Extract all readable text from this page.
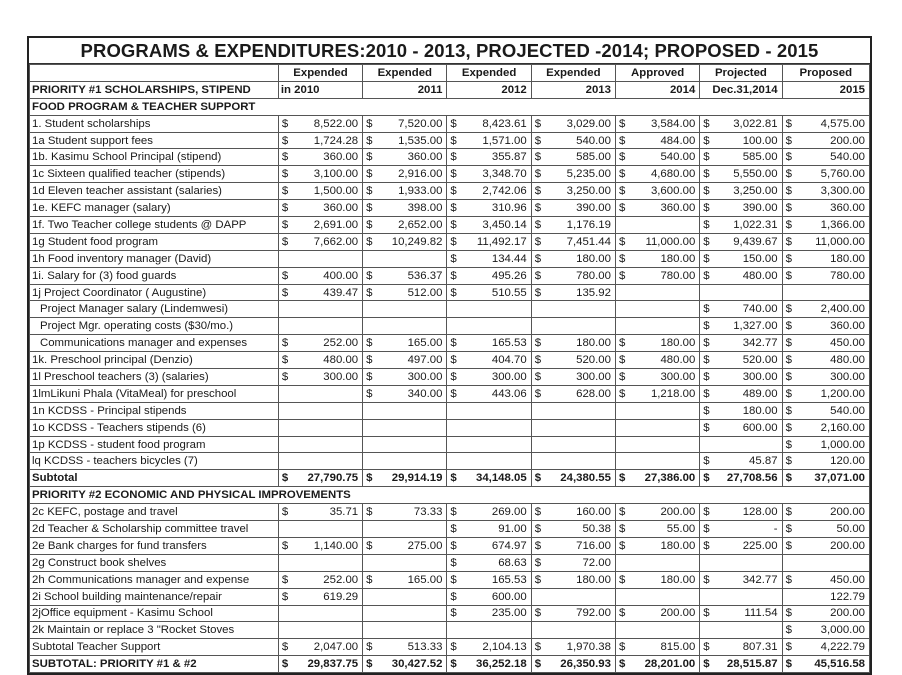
PROGRAMS & EXPENDITURES:2010 - 2013, PROJECTED -2014; PROPOSED - 2015
	Expended		Expended		Expended		Expended		Approved		Projected		Proposed	
PRIORITY #1 SCHOLARSHIPS, STIPEND	in 2010		2011		2012		2013		2014		Dec.31,2014		2015	
FOOD PROGRAM & TEACHER SUPPORT														
1. Student scholarships	$	8,522.00	$	7,520.00	$	8,423.61	$	3,029.00	$	3,584.00	$	3,022.81	$	4,575.00
1a Student support fees	$	1,724.28	$	1,535.00	$	1,571.00	$	540.00	$	484.00	$	100.00	$	200.00
1b. Kasimu School Principal (stipend)	$	360.00	$	360.00	$	355.87	$	585.00	$	540.00	$	585.00	$	540.00
1c Sixteen qualified teacher (stipends)	$	3,100.00	$	2,916.00	$	3,348.70	$	5,235.00	$	4,680.00	$	5,550.00	$	5,760.00
1d Eleven teacher assistant (salaries)	$	1,500.00	$	1,933.00	$	2,742.06	$	3,250.00	$	3,600.00	$	3,250.00	$	3,300.00
1e. KEFC manager (salary)	$	360.00	$	398.00	$	310.96	$	390.00	$	360.00	$	390.00	$	360.00
1f. Two Teacher college students @ DAPP	$	2,691.00	$	2,652.00	$	3,450.14	$	1,176.19			$	1,022.31	$	1,366.00
1g Student food program	$	7,662.00	$	10,249.82	$	11,492.17	$	7,451.44	$	11,000.00	$	9,439.67	$	11,000.00
1h Food inventory manager (David)					$	134.44	$	180.00	$	180.00	$	150.00	$	180.00
1i. Salary for (3) food guards	$	400.00	$	536.37	$	495.26	$	780.00	$	780.00	$	480.00	$	780.00
1j Project Coordinator ( Augustine)	$	439.47	$	512.00	$	510.55	$	135.92						
Project Manager salary (Lindemwesi)											$	740.00	$	2,400.00
Project Mgr. operating costs ($30/mo.)											$	1,327.00	$	360.00
Communications manager and expenses	$	252.00	$	165.00	$	165.53	$	180.00	$	180.00	$	342.77	$	450.00
1k. Preschool principal (Denzio)	$	480.00	$	497.00	$	404.70	$	520.00	$	480.00	$	520.00	$	480.00
1l Preschool teachers (3) (salaries)	$	300.00	$	300.00	$	300.00	$	300.00	$	300.00	$	300.00	$	300.00
1lmLikuni Phala (VitaMeal) for preschool			$	340.00	$	443.06	$	628.00	$	1,218.00	$	489.00	$	1,200.00
1n KCDSS - Principal stipends											$	180.00	$	540.00
1o KCDSS - Teachers stipends (6)											$	600.00	$	2,160.00
1p KCDSS - student food program													$	1,000.00
lq KCDSS - teachers bicycles (7)											$	45.87	$	120.00
Subtotal	$	27,790.75	$	29,914.19	$	34,148.05	$	24,380.55	$	27,386.00	$	27,708.56	$	37,071.00
PRIORITY #2 ECONOMIC AND PHYSICAL IMPROVEMENTS														
2c KEFC, postage and travel	$	35.71	$	73.33	$	269.00	$	160.00	$	200.00	$	128.00	$	200.00
2d Teacher & Scholarship committee travel					$	91.00	$	50.38	$	55.00	$	-	$	50.00
2e Bank charges for fund transfers	$	1,140.00	$	275.00	$	674.97	$	716.00	$	180.00	$	225.00	$	200.00
2g Construct book shelves					$	68.63	$	72.00						
2h Communications manager and expense	$	252.00	$	165.00	$	165.53	$	180.00	$	180.00	$	342.77	$	450.00
2i School building maintenance/repair	$	619.29			$	600.00							122.79	
2jOffice equipment - Kasimu School					$	235.00	$	792.00	$	200.00	$	111.54	$	200.00
2k Maintain or replace 3 "Rocket Stoves													$	3,000.00
Subtotal Teacher Support	$	2,047.00	$	513.33	$	2,104.13	$	1,970.38	$	815.00	$	807.31	$	4,222.79
SUBTOTAL: PRIORITY #1 & #2	$	29,837.75	$	30,427.52	$	36,252.18	$	26,350.93	$	28,201.00	$	28,515.87	$	45,516.58
